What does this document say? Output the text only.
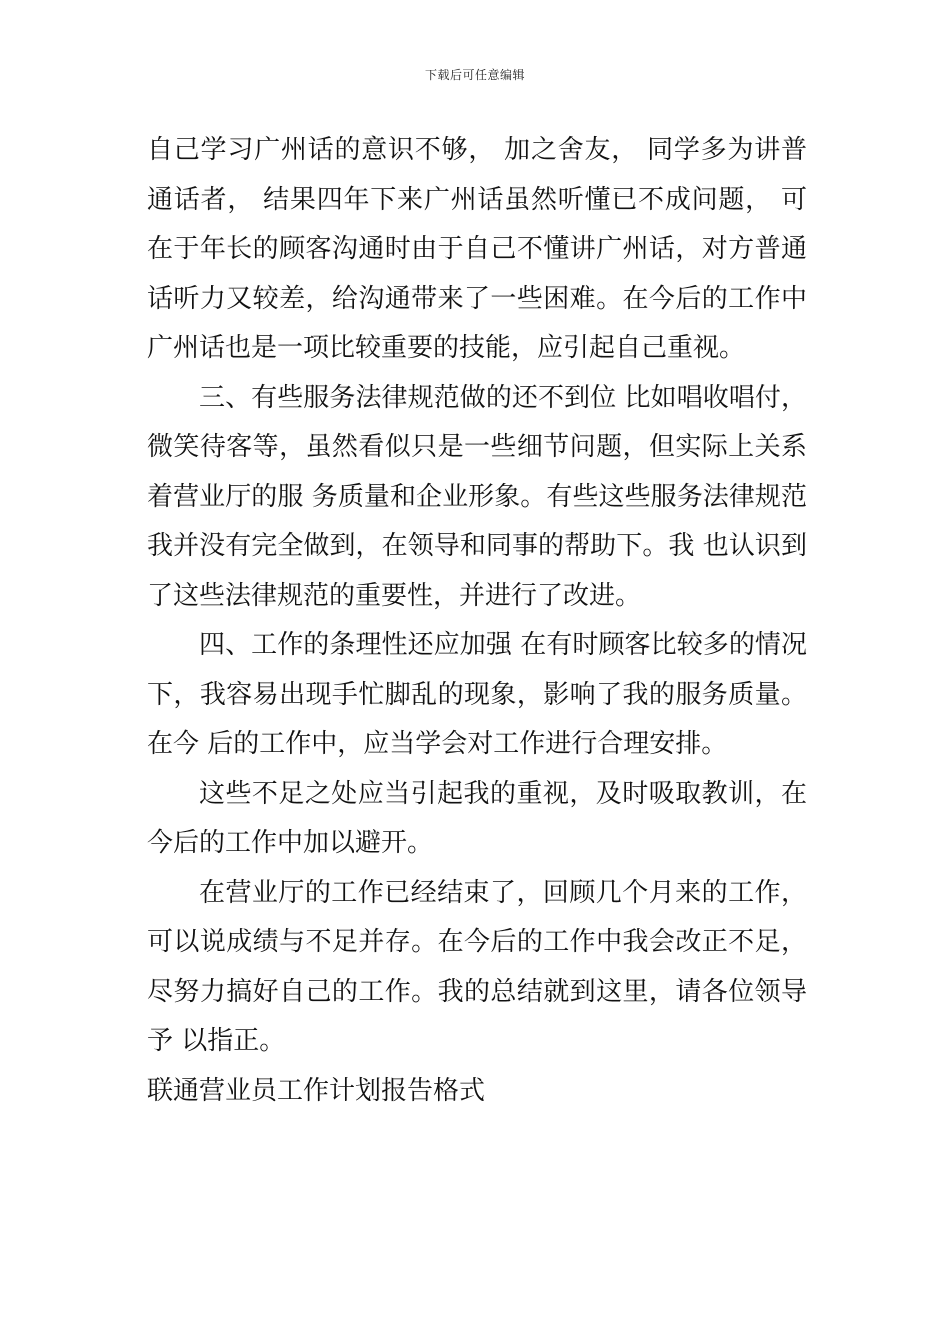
下载后可任意编辑
自己学习广州话的意识不够， 加之舍友， 同学多为讲普
通话者， 结果四年下来广州话虽然听懂已不成问题， 可
在于年长的顾客沟通时由于自己不懂讲广州话，对方普通
话听力又较差，给沟通带来了一些困难。在今后的工作中
广州话也是一项比较重要的技能，应引起自己重视。
三、有些服务法律规范做的还不到位 比如唱收唱付，
微笑待客等，虽然看似只是一些细节问题，但实际上关系
着营业厅的服 务质量和企业形象。有些这些服务法律规范
我并没有完全做到，在领导和同事的帮助下。我 也认识到
了这些法律规范的重要性，并进行了改进。
四、工作的条理性还应加强 在有时顾客比较多的情况
下，我容易出现手忙脚乱的现象，影响了我的服务质量。
在今 后的工作中，应当学会对工作进行合理安排。
这些不足之处应当引起我的重视，及时吸取教训，在
今后的工作中加以避开。
在营业厅的工作已经结束了，回顾几个月来的工作，
可以说成绩与不足并存。在今后的工作中我会改正不足，
尽努力搞好自己的工作。我的总结就到这里，请各位领导
予 以指正。
联通营业员工作计划报告格式
